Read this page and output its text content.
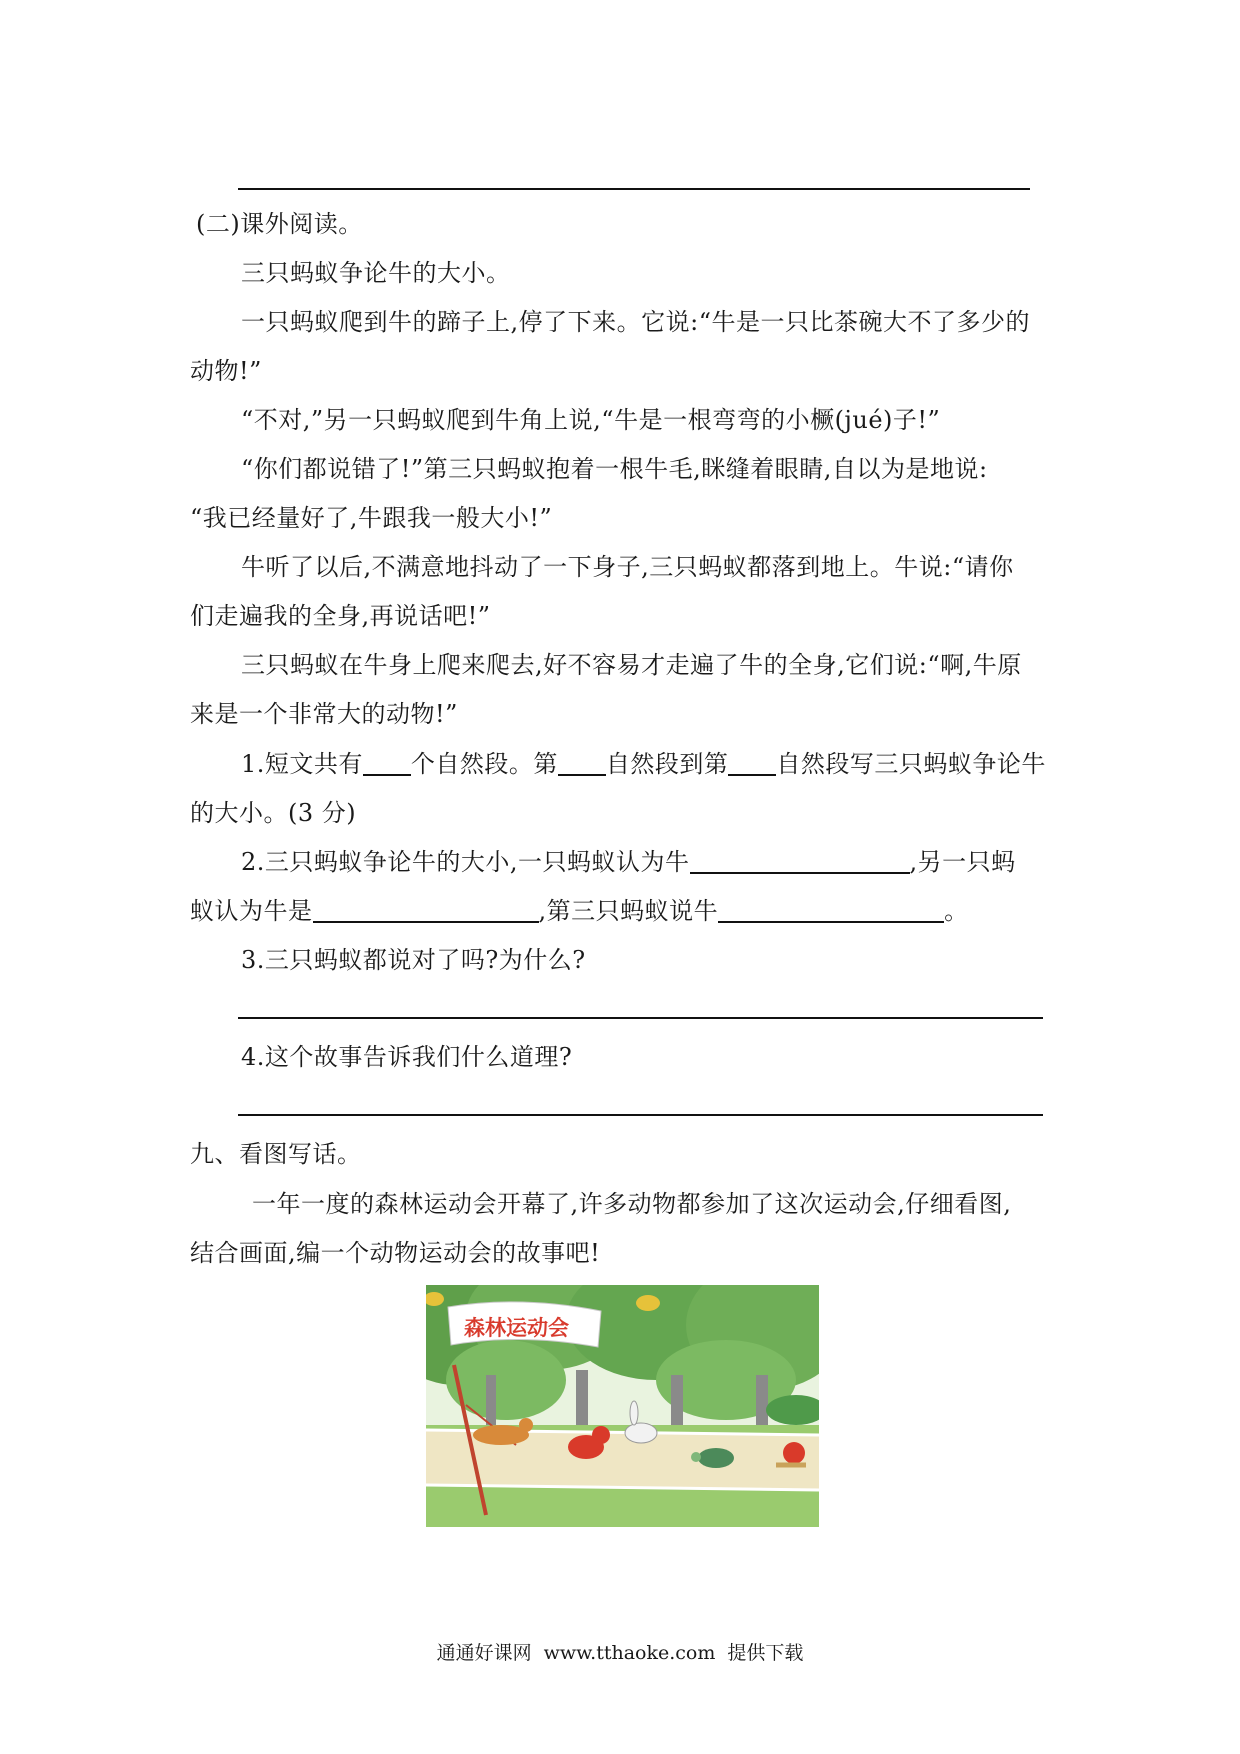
(二)课外阅读。
三只蚂蚁争论牛的大小。
一只蚂蚁爬到牛的蹄子上,停了下来。它说:“牛是一只比茶碗大不了多少的
动物!”
“不对,”另一只蚂蚁爬到牛角上说,“牛是一根弯弯的小橛(jué)子!”
“你们都说错了!”第三只蚂蚁抱着一根牛毛,眯缝着眼睛,自以为是地说:
“我已经量好了,牛跟我一般大小!”
牛听了以后,不满意地抖动了一下身子,三只蚂蚁都落到地上。牛说:“请你
们走遍我的全身,再说话吧!”
三只蚂蚁在牛身上爬来爬去,好不容易才走遍了牛的全身,它们说:“啊,牛原
来是一个非常大的动物!”
1.短文共有 个自然段。第 自然段到第 自然段写三只蚂蚁争论牛
的大小。(3 分)
2.三只蚂蚁争论牛的大小,一只蚂蚁认为牛	,另一只蚂
蚁认为牛是	,第三只蚂蚁说牛	。
3.三只蚂蚁都说对了吗?为什么?
4.这个故事告诉我们什么道理?
九、看图写话。
一年一度的森林运动会开幕了,许多动物都参加了这次运动会,仔细看图,
结合画面,编一个动物运动会的故事吧!
森林运动会
通通好课网 www.tthaoke.com 提供下载
